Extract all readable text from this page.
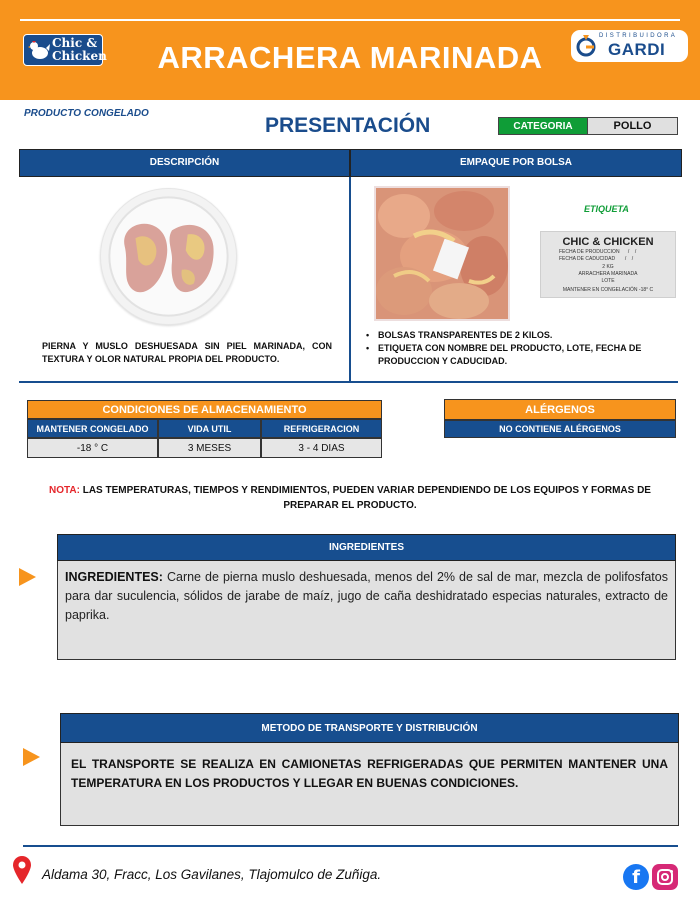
Chic &
Chicken	ARRACHERA MARINADA
DISTRIBUIDORA
GARDI
PRODUCTO CONGELADO
PRESENTACIÓN	CATEGORIA	POLLO
DESCRIPCIÓN	EMPAQUE POR BOLSA
PIERNA Y MUSLO DESHUESADA SIN PIEL MARINADA, CON TEXTURA Y OLOR NATURAL PROPIA DEL PRODUCTO.
ETIQUETA
CHIC & CHICKEN
FECHA DE PRODUCCION      /    /
FECHA DE CADUCIDAD       /    /
2 KG
ARRACHERA MARINADA
LOTE
MANTENER EN CONGELACIÓN -18° C
• BOLSAS TRANSPARENTES DE 2 KILOS.
• ETIQUETA CON NOMBRE DEL PRODUCTO, LOTE, FECHA DE PRODUCCION Y CADUCIDAD.
CONDICIONES DE ALMACENAMIENTO
MANTENER CONGELADO	VIDA UTIL	REFRIGERACION
-18 ° C	3 MESES	3 - 4 DIAS
ALÉRGENOS
NO CONTIENE ALÉRGENOS
NOTA: LAS TEMPERATURAS, TIEMPOS Y RENDIMIENTOS, PUEDEN VARIAR DEPENDIENDO DE LOS EQUIPOS Y FORMAS DE PREPARAR EL PRODUCTO.
INGREDIENTES
INGREDIENTES: Carne de pierna muslo deshuesada, menos del 2% de sal de mar, mezcla de polifosfatos para dar suculencia, sólidos de jarabe de maíz, jugo de caña deshidratado especias naturales, extracto de paprika.
METODO DE TRANSPORTE Y DISTRIBUCIÓN
EL TRANSPORTE SE REALIZA EN CAMIONETAS REFRIGERADAS QUE PERMITEN MANTENER UNA TEMPERATURA EN LOS PRODUCTOS Y LLEGAR EN BUENAS CONDICIONES.
Aldama 30, Fracc, Los Gavilanes, Tlajomulco de Zuñiga.	f
